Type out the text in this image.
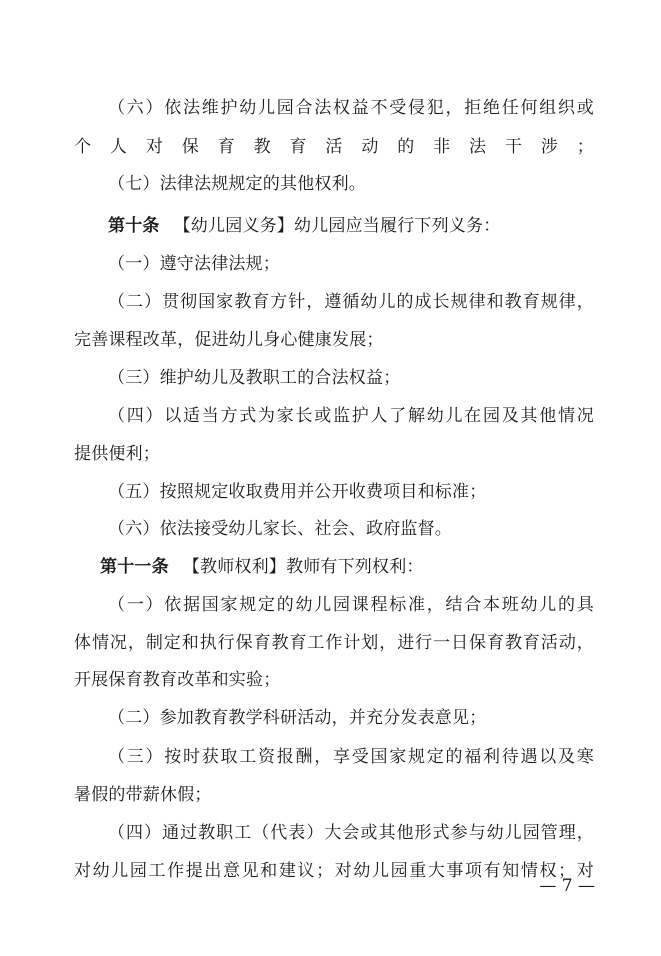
（六）依法维护幼儿园合法权益不受侵犯，拒绝任何组织或
个人对保育教育活动的非法干涉；
（七）法律法规规定的其他权利。
第十条 【幼儿园义务】幼儿园应当履行下列义务：
（一）遵守法律法规；
（二）贯彻国家教育方针，遵循幼儿的成长规律和教育规律，
完善课程改革，促进幼儿身心健康发展；
（三）维护幼儿及教职工的合法权益；
（四）以适当方式为家长或监护人了解幼儿在园及其他情况
提供便利；
（五）按照规定收取费用并公开收费项目和标准；
（六）依法接受幼儿家长、社会、政府监督。
第十一条 【教师权利】教师有下列权利：
（一）依据国家规定的幼儿园课程标准，结合本班幼儿的具
体情况，制定和执行保育教育工作计划，进行一日保育教育活动，
开展保育教育改革和实验；
（二）参加教育教学科研活动，并充分发表意见；
（三）按时获取工资报酬，享受国家规定的福利待遇以及寒
暑假的带薪休假；
（四）通过教职工（代表）大会或其他形式参与幼儿园管理，
对幼儿园工作提出意见和建议；对幼儿园重大事项有知情权；对
— 7 —
